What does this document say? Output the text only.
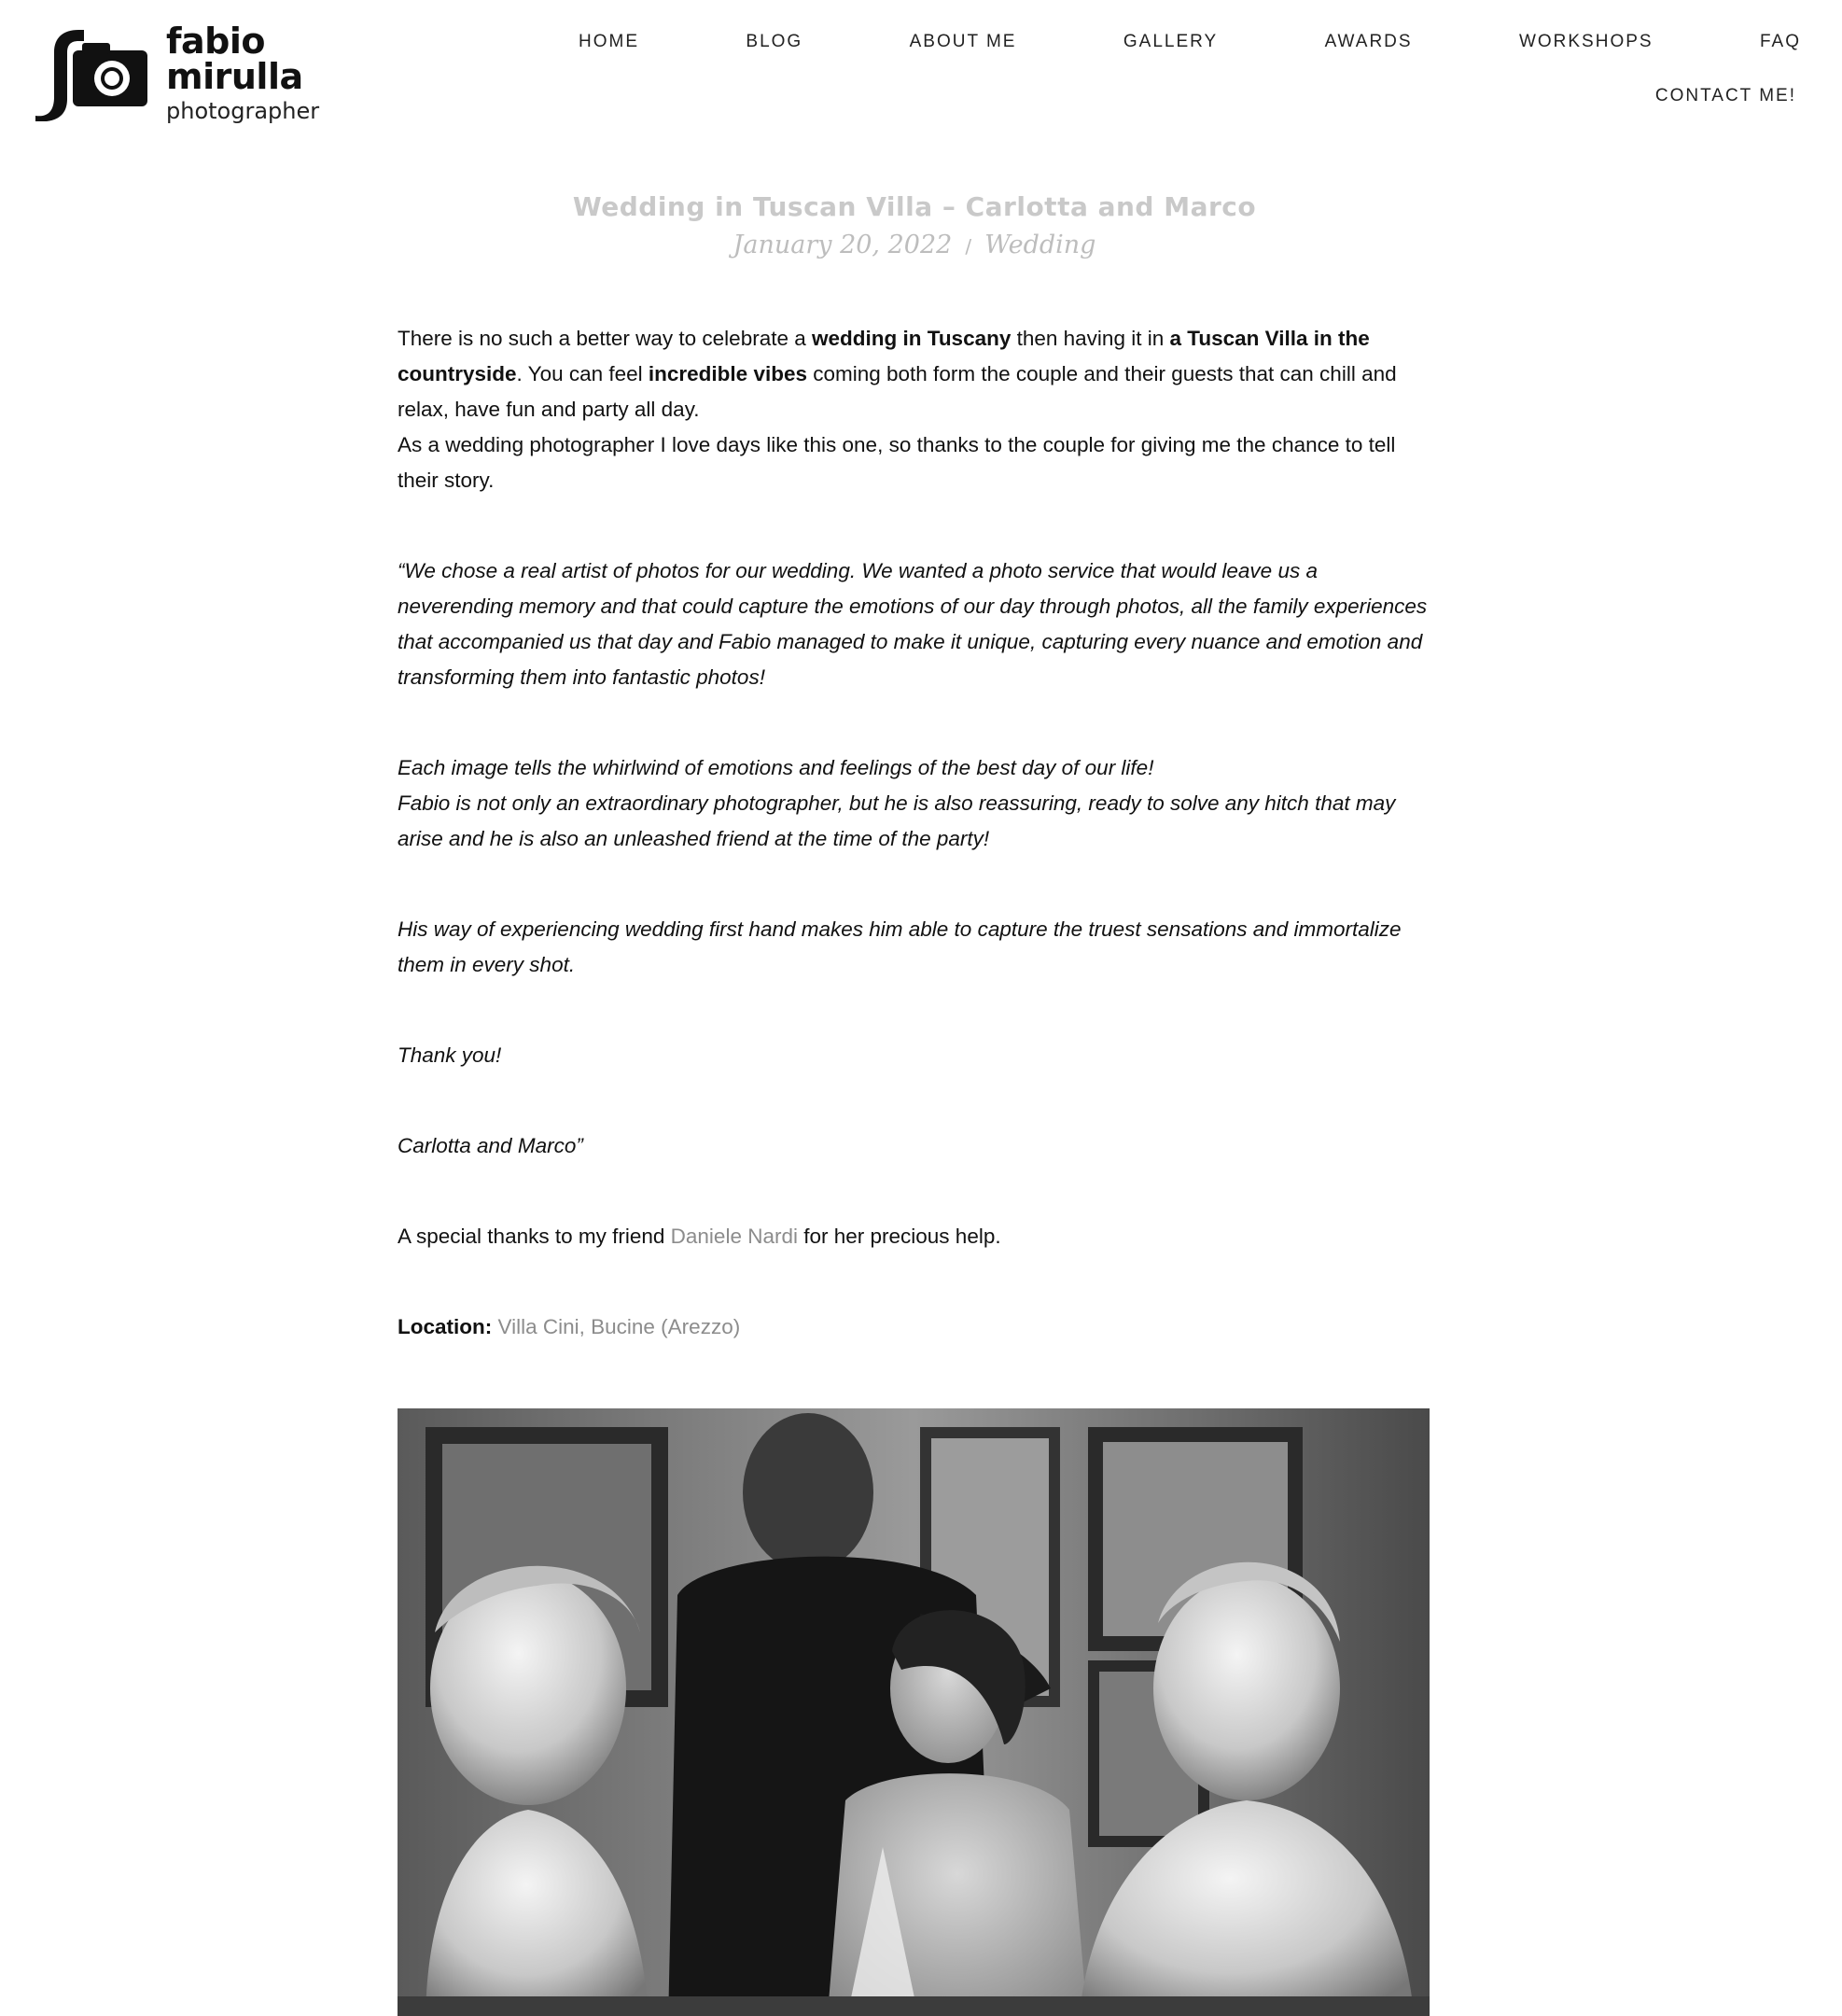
fabio mirulla
photographer
HOME	BLOG	ABOUT ME	GALLERY	AWARDS	WORKSHOPS	FAQ
CONTACT ME!
Wedding in Tuscan Villa – Carlotta and Marco
January 20, 2022 / Wedding

There is no such a better way to celebrate a wedding in Tuscany then having it in a Tuscan Villa in the countryside. You can feel incredible vibes coming both form the couple and their guests that can chill and relax, have fun and party all day.
As a wedding photographer I love days like this one, so thanks to the couple for giving me the chance to tell their story.

“We chose a real artist of photos for our wedding. We wanted a photo service that would leave us a neverending memory and that could capture the emotions of our day through photos, all the family experiences that accompanied us that day and Fabio managed to make it unique, capturing every nuance and emotion and transforming them into fantastic photos!

Each image tells the whirlwind of emotions and feelings of the best day of our life!
Fabio is not only an extraordinary photographer, but he is also reassuring, ready to solve any hitch that may arise and he is also an unleashed friend at the time of the party!

His way of experiencing wedding first hand makes him able to capture the truest sensations and immortalize them in every shot.

Thank you!

Carlotta and Marco”

A special thanks to my friend Daniele Nardi for her precious help.

Location: Villa Cini, Bucine (Arezzo)
